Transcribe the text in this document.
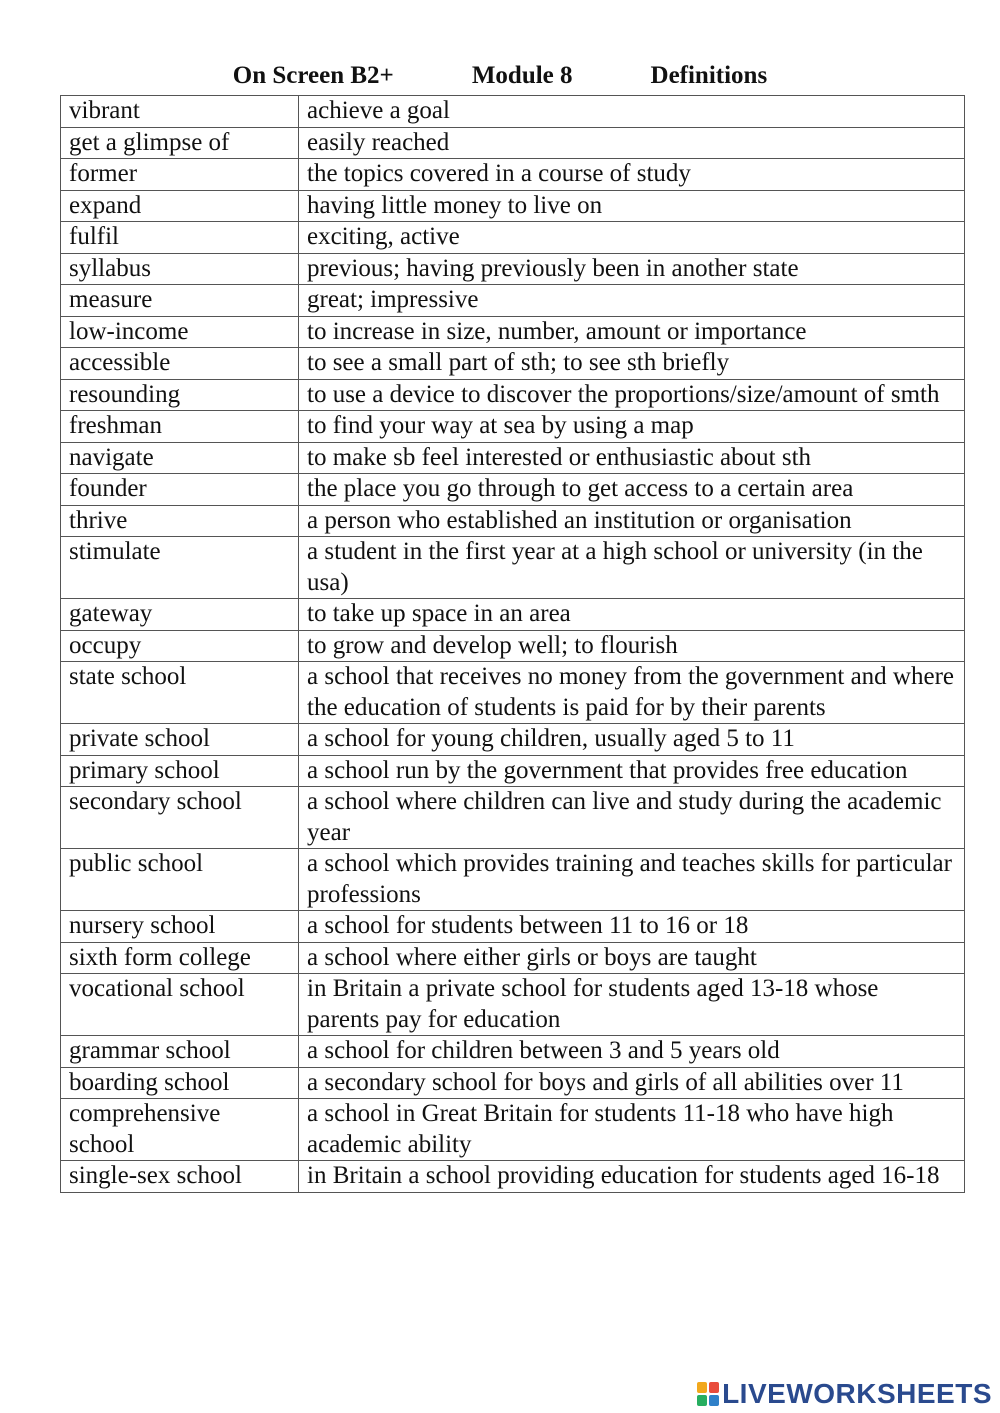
On Screen B2+	Module 8	Definitions
vibrant	achieve a goal
get a glimpse of	easily reached
former	the topics covered in a course of study
expand	having little money to live on
fulfil	exciting, active
syllabus	previous; having previously been in another state
measure	great; impressive
low-income	to increase in size, number, amount or importance
accessible	to see a small part of sth; to see sth briefly
resounding	to use a device to discover the proportions/size/amount of smth
freshman	to find your way at sea by using a map
navigate	to make sb feel interested or enthusiastic about sth
founder	the place you go through to get access to a certain area
thrive	a person who established an institution or organisation
stimulate	a student in the first year at a high school or university (in the usa)
gateway	to take up space in an area
occupy	to grow and develop well; to flourish
state school	a school that receives no money from the government and where the education of students is paid for by their parents
private school	a school for young children, usually aged 5 to 11
primary school	a school run by the government that provides free education
secondary school	a school where children can live and study during the academic year
public school	a school which provides training and teaches skills for particular professions
nursery school	a school for students between 11 to 16 or 18
sixth form college	a school where either girls or boys are taught
vocational school	in Britain a private school for students aged 13-18 whose parents pay for education
grammar school	a school for children between 3 and 5 years old
boarding school	a secondary school for boys and girls of all abilities over 11
comprehensive school	a school in Great Britain for students 11-18 who have high academic ability
single-sex school	in Britain a school providing education for students aged 16-18
LIVEWORKSHEETS
